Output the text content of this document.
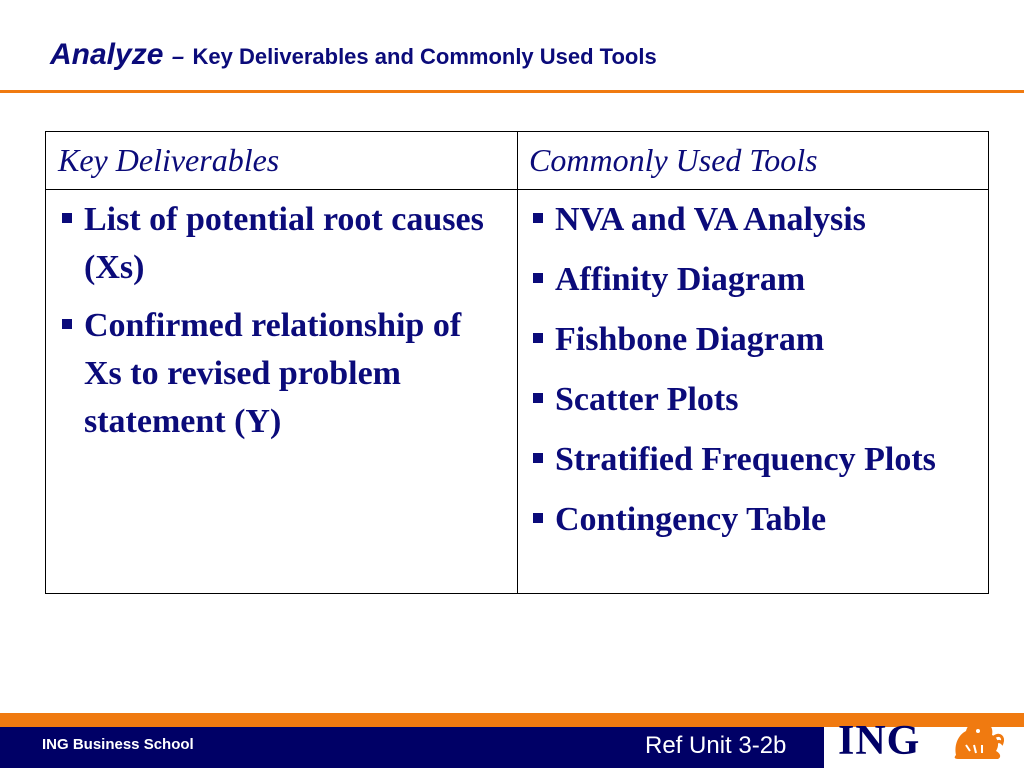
Analyze – Key Deliverables and Commonly Used Tools
Key Deliverables	Commonly Used Tools
List of potential root causes (Xs)
Confirmed relationship of Xs to revised problem statement (Y)
NVA and VA Analysis
Affinity Diagram
Fishbone Diagram
Scatter Plots
Stratified Frequency Plots
Contingency Table
ING Business School	Ref Unit 3-2b ING
